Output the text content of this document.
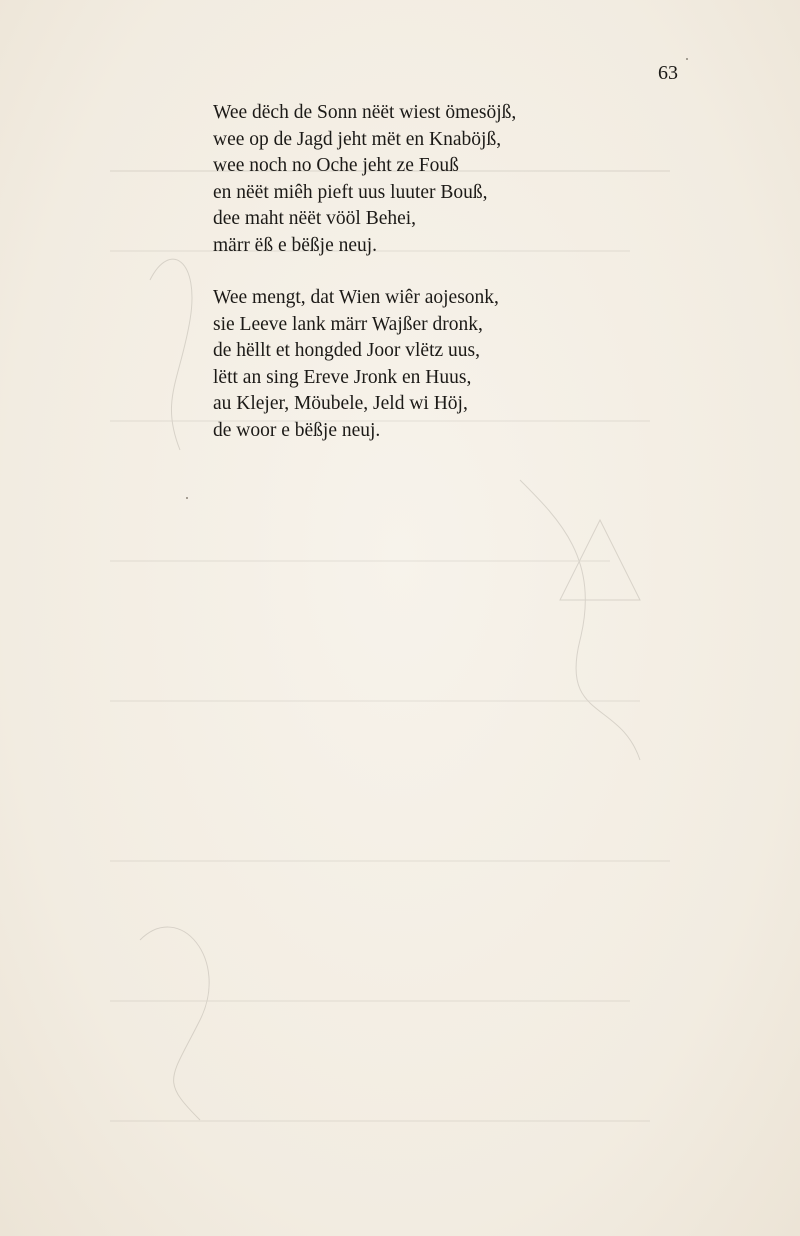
63
Wee dëch de Sonn nëët wiest ömesöjß,
wee op de Jagd jeht mët en Knaböjß,
wee noch no Oche jeht ze Fouß
en nëët miêh pieft uus luuter Bouß,
dee maht nëët vööl Behei,
märr ëß e bëßje neuj.
Wee mengt, dat Wien wiêr aojesonk,
sie Leeve lank märr Wajßer dronk,
de hëllt et hongded Joor vlëtz uus,
lëtt an sing Ereve Jronk en Huus,
au Klejer, Möubele, Jeld wi Höj,
de woor e bëßje neuj.
